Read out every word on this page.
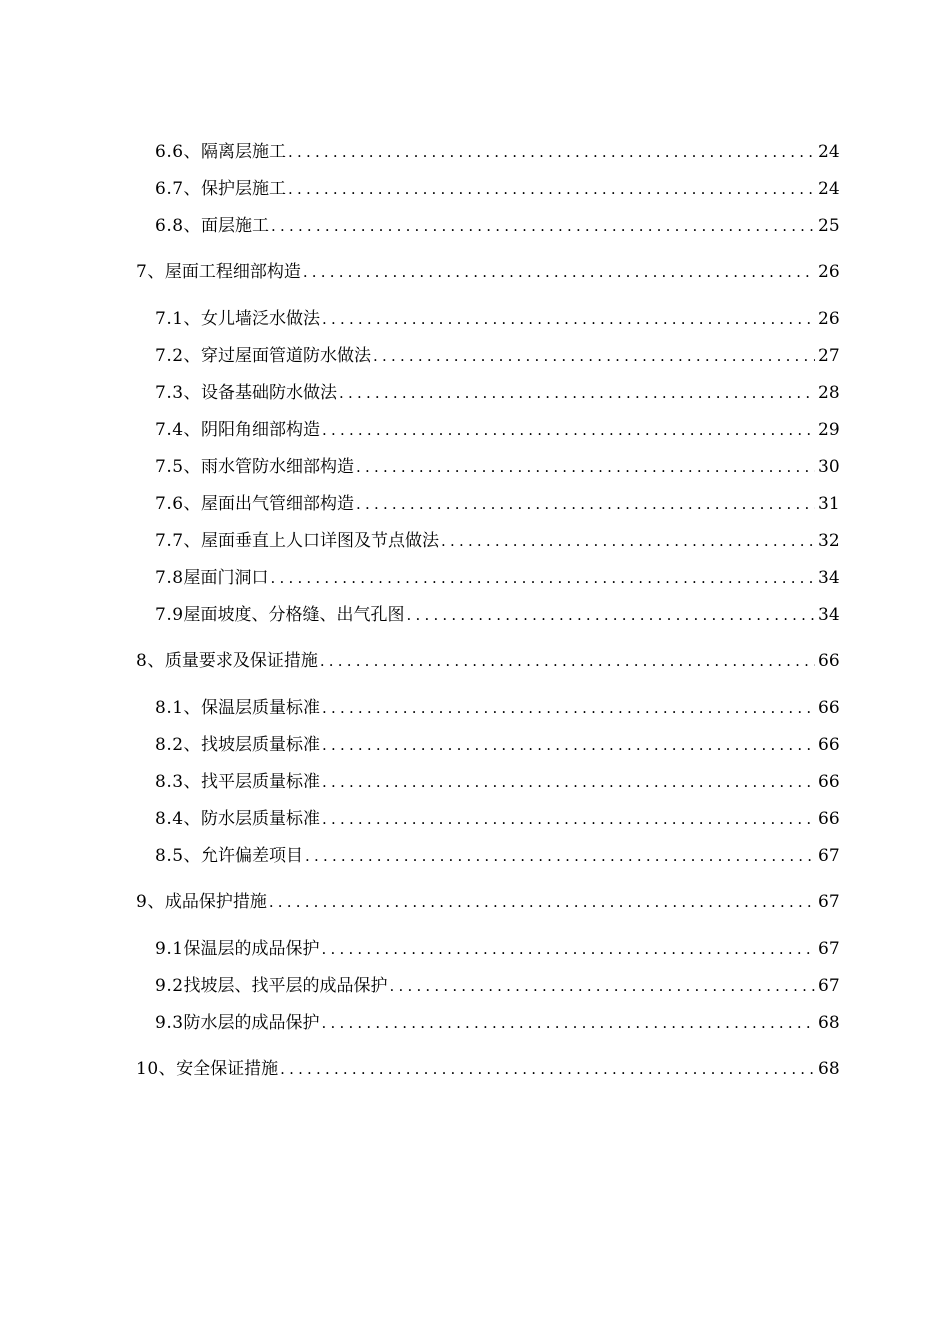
6.6、 隔离层施工 .....	24
6.7、 保护层施工 .....	24
6.8、 面层施工 .....	25
7、 屋面工程细部构造 .....	26
7.1、 女儿墙泛水做法 .....	26
7.2、 穿过屋面管道防水做法 .....	27
7.3、 设备基础防水做法 .....	28
7.4、 阴阳角细部构造 .....	29
7.5、 雨水管防水细部构造 .....	30
7.6、 屋面出气管细部构造 .....	31
7.7、 屋面垂直上人口详图及节点做法 .....	32
7.8 屋面门洞口 .....	34
7.9 屋面坡度、分格缝、出气孔图 .....	34
8、 质量要求及保证措施 .....	66
8.1、 保温层质量标准 .....	66
8.2、 找坡层质量标准 .....	66
8.3、 找平层质量标准 .....	66
8.4、 防水层质量标准 .....	66
8.5、 允许偏差项目 .....	67
9、 成品保护措施 .....	67
9.1 保温层的成品保护 .....	67
9.2 找坡层、找平层的成品保护 .....	67
9.3 防水层的成品保护 .....	68
10、 安全保证措施 .....	68
